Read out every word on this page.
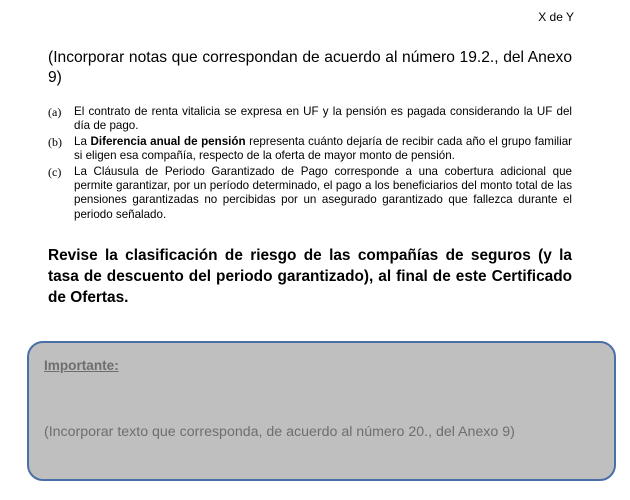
X de Y

(Incorporar notas que correspondan de acuerdo al número 19.2., del Anexo 9)

(a)	El contrato de renta vitalicia se expresa en UF y la pensión es pagada considerando la UF del día de pago.
(b)	La Diferencia anual de pensión representa cuánto dejaría de recibir cada año el grupo familiar si eligen esa compañía, respecto de la oferta de mayor monto de pensión.
(c)	La Cláusula de Periodo Garantizado de Pago corresponde a una cobertura adicional que permite garantizar, por un período determinado, el pago a los beneficiarios del monto total de las pensiones garantizadas no percibidas por un asegurado garantizado que fallezca durante el periodo señalado.

Revise la clasificación de riesgo de las compañías de seguros (y la tasa de descuento del periodo garantizado), al final de este Certificado de Ofertas.

Importante:
(Incorporar texto que corresponda, de acuerdo al número 20., del Anexo 9)
